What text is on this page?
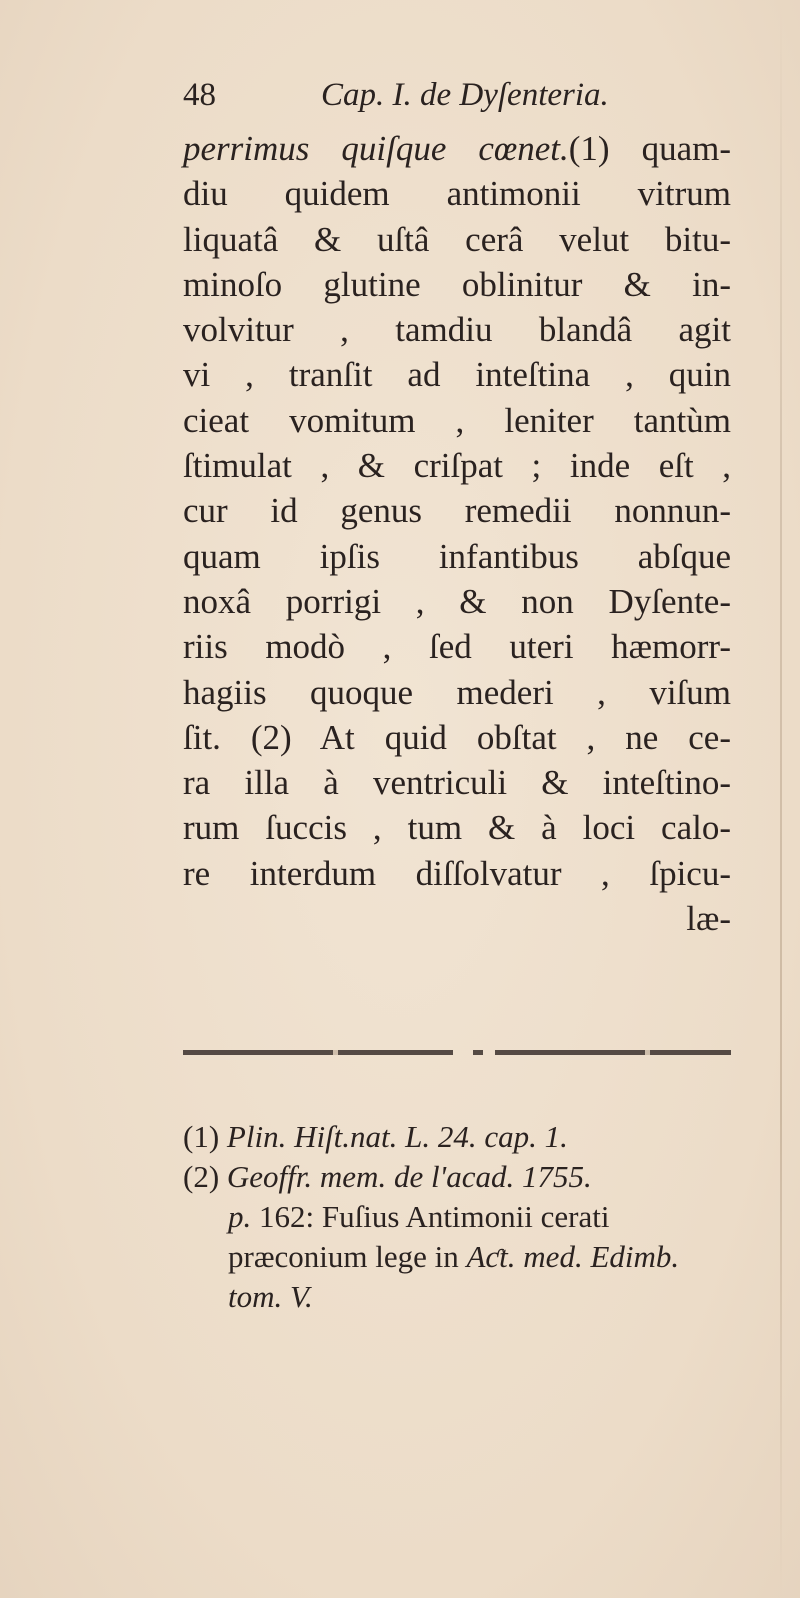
48	Cap. I. de Dyſenteria.
perrimus quiſque cœnet.(1) quam-
diu quidem antimonii vitrum
liquatâ & uſtâ cerâ velut bitu-
minoſo glutine oblinitur & in-
volvitur , tamdiu blandâ agit
vi , tranſit ad inteſtina , quin
cieat vomitum , leniter tantùm
ſtimulat , & criſpat ; inde eſt ,
cur id genus remedii nonnun-
quam ipſis infantibus abſque
noxâ porrigi , & non Dyſente-
riis modò , ſed uteri hæmorr-
hagiis quoque mederi , viſum
ſit. (2) At quid obſtat , ne ce-
ra illa à ventriculi & inteſtino-
rum ſuccis , tum & à loci calo-
re interdum diſſolvatur , ſpicu-
læ-
(1) Plin. Hiſt.nat. L. 24. cap. 1.
(2) Geoffr. mem. de l'acad. 1755.
p. 162: Fuſius Antimonii cerati
præconium lege in Aƈt. med. Edimb.
tom. V.
